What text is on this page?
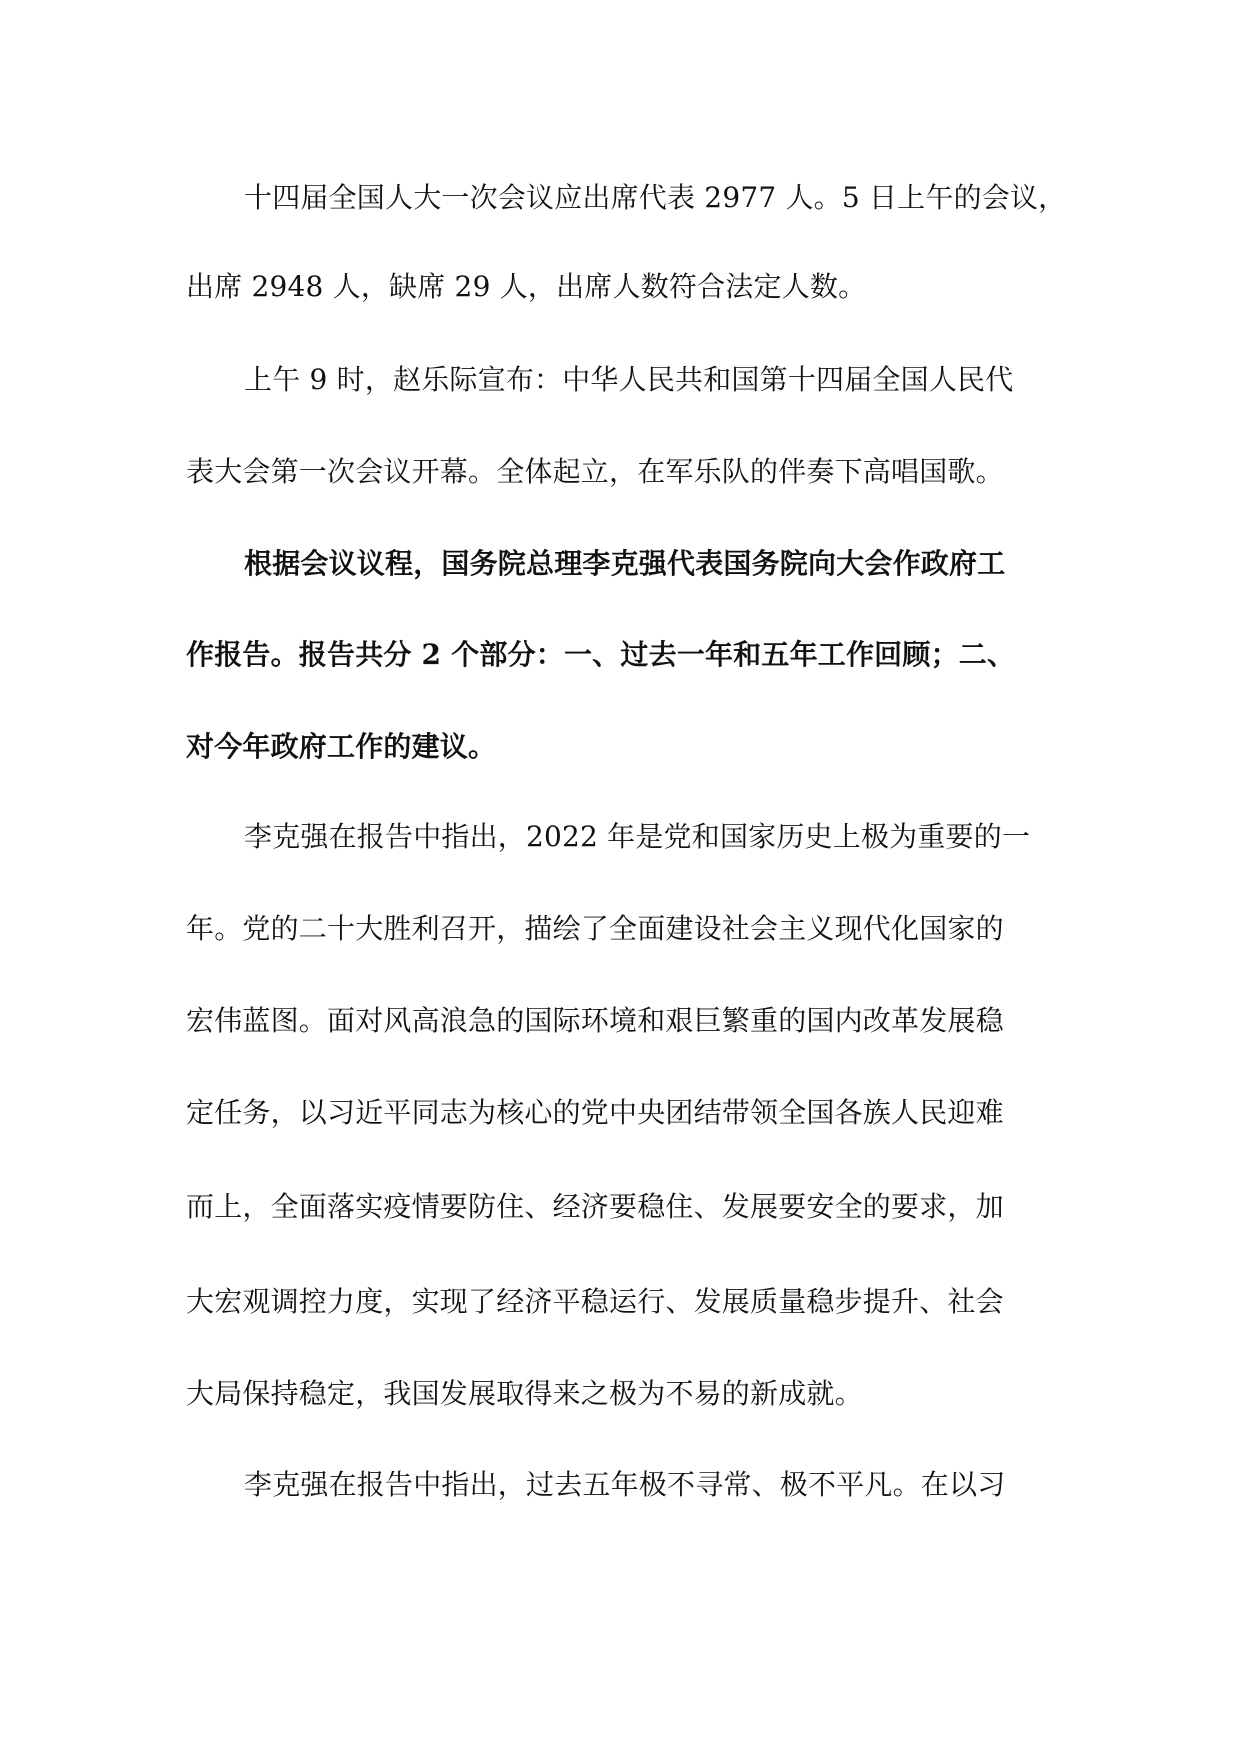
十四届全国人大一次会议应出席代表 2977 人。5 日上午的会议，
出席 2948 人，缺席 29 人，出席人数符合法定人数。
上午 9 时，赵乐际宣布：中华人民共和国第十四届全国人民代
表大会第一次会议开幕。全体起立，在军乐队的伴奏下高唱国歌。
根据会议议程，国务院总理李克强代表国务院向大会作政府工
作报告。报告共分 2 个部分：一、过去一年和五年工作回顾；二、
对今年政府工作的建议。
李克强在报告中指出，2022 年是党和国家历史上极为重要的一
年。党的二十大胜利召开，描绘了全面建设社会主义现代化国家的
宏伟蓝图。面对风高浪急的国际环境和艰巨繁重的国内改革发展稳
定任务，以习近平同志为核心的党中央团结带领全国各族人民迎难
而上，全面落实疫情要防住、经济要稳住、发展要安全的要求，加
大宏观调控力度，实现了经济平稳运行、发展质量稳步提升、社会
大局保持稳定，我国发展取得来之极为不易的新成就。
李克强在报告中指出，过去五年极不寻常、极不平凡。在以习
